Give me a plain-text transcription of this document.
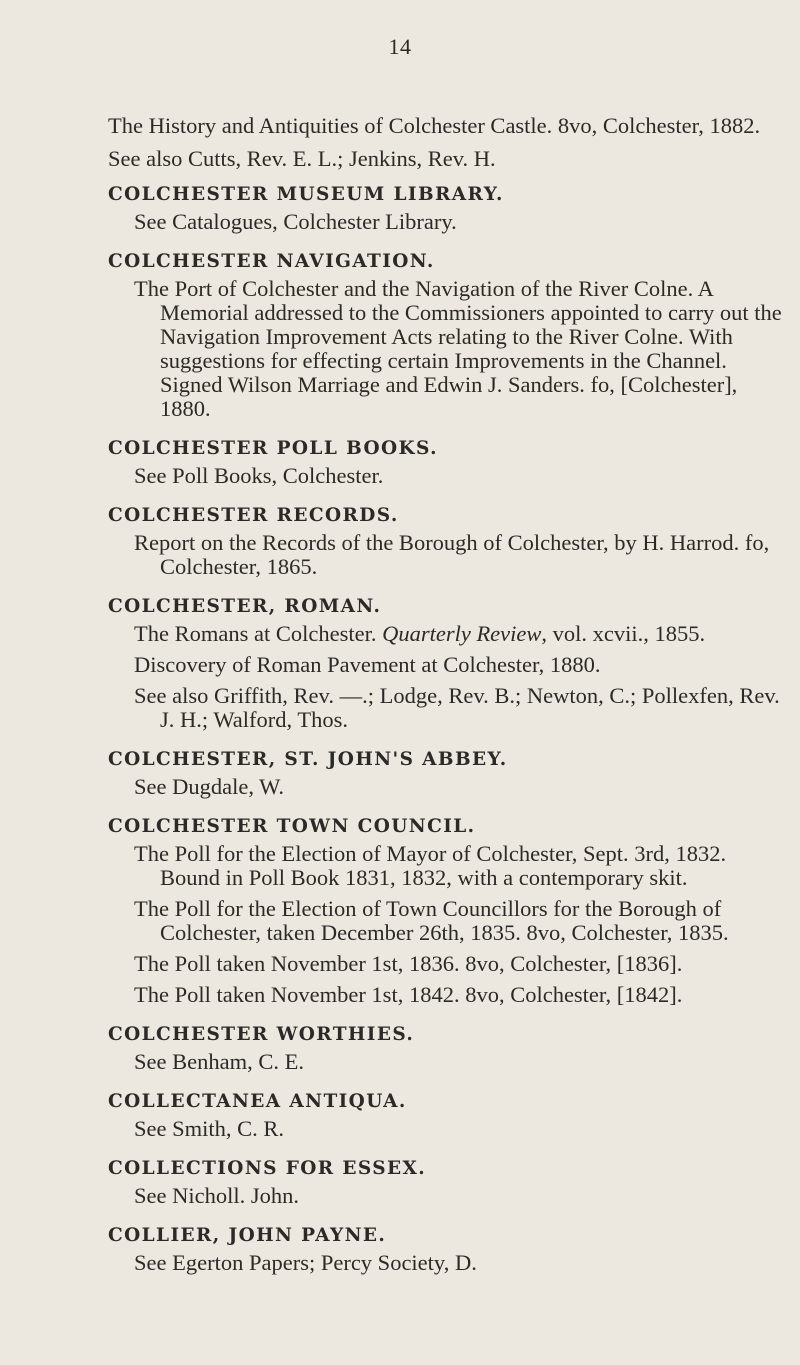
14

The History and Antiquities of Colchester Castle. 8vo, Colchester, 1882.

See also Cutts, Rev. E. L.; Jenkins, Rev. H.

COLCHESTER MUSEUM LIBRARY.

See Catalogues, Colchester Library.

COLCHESTER NAVIGATION.

The Port of Colchester and the Navigation of the River Colne. A Memorial addressed to the Commissioners appointed to carry out the Navigation Improvement Acts relating to the River Colne. With suggestions for effecting certain Improvements in the Channel. Signed Wilson Marriage and Edwin J. Sanders. fo, [Colchester], 1880.

COLCHESTER POLL BOOKS.

See Poll Books, Colchester.

COLCHESTER RECORDS.

Report on the Records of the Borough of Colchester, by H. Harrod. fo, Colchester, 1865.

COLCHESTER, ROMAN.

The Romans at Colchester. Quarterly Review, vol. xcvii., 1855.

Discovery of Roman Pavement at Colchester, 1880.

See also Griffith, Rev. —.; Lodge, Rev. B.; Newton, C.; Pollexfen, Rev. J. H.; Walford, Thos.

COLCHESTER, ST. JOHN'S ABBEY.

See Dugdale, W.

COLCHESTER TOWN COUNCIL.

The Poll for the Election of Mayor of Colchester, Sept. 3rd, 1832. Bound in Poll Book 1831, 1832, with a contemporary skit.

The Poll for the Election of Town Councillors for the Borough of Colchester, taken December 26th, 1835. 8vo, Colchester, 1835.

The Poll taken November 1st, 1836. 8vo, Colchester, [1836].

The Poll taken November 1st, 1842. 8vo, Colchester, [1842].

COLCHESTER WORTHIES.

See Benham, C. E.

COLLECTANEA ANTIQUA.

See Smith, C. R.

COLLECTIONS FOR ESSEX.

See Nicholl. John.

COLLIER, JOHN PAYNE.

See Egerton Papers; Percy Society, D.
